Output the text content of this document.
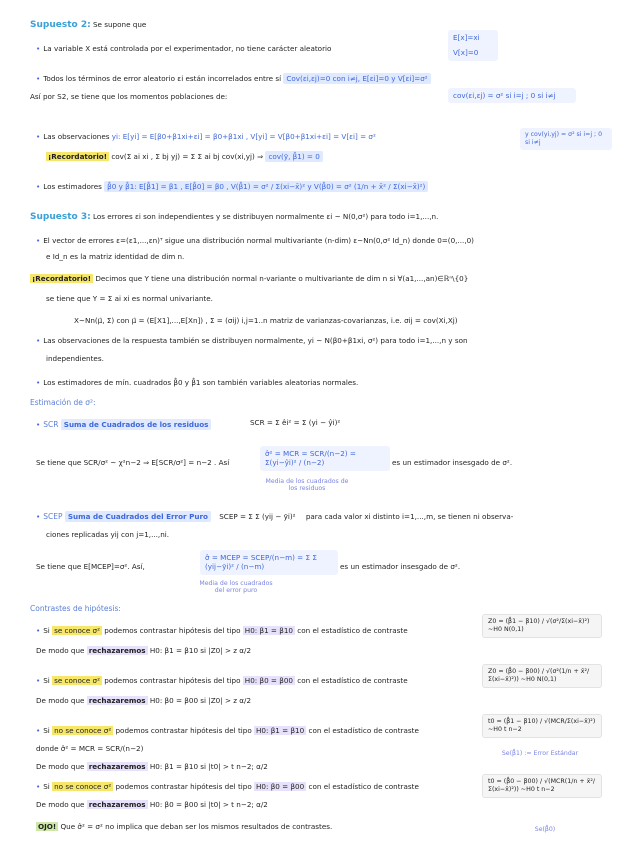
Supuesto 2: Se supone que
• La variable X está controlada por el experimentador, no tiene carácter aleatorio
E[x]=xi
V[x]=0
• Todos los términos de error aleatorio εi están incorrelados entre sí Cov(εi,εj)=0 con i≠j, E[εi]=0 y V[εi]=σ²
Así por S2, se tiene que los momentos poblaciones de:	cov(εi,εj) = σ² si i=j ; 0 si i≠j
• Las observaciones yi: E[yi] = E[β0+β1xi+εi] = β0+β1xi , V[yi] = V[β0+β1xi+εi] = V[εi] = σ²	y cov(yi,yj) = σ² si i=j ; 0 si i≠j
¡Recordatorio! cov(Σ ai xi , Σ bj yj) = Σ Σ ai bj cov(xi,yj) ⇒ cov(ȳ, β̂1) = 0
• Los estimadores β̂0 y β̂1: E[β̂1] = β1 , E[β̂0] = β0 , V(β̂1) = σ² / Σ(xi−x̄)² y V(β̂0) = σ² (1/n + x̄² / Σ(xi−x̄)²)
Supuesto 3: Los errores εi son independientes y se distribuyen normalmente εi ~ N(0,σ²) para todo i=1,...,n.
• El vector de errores ε=(ε1,...,εn)ᵀ sigue una distribución normal multivariante (n-dim) ε~Nn(0,σ² Id_n) donde 0=(0,...,0)
e Id_n es la matriz identidad de dim n.
¡Recordatorio! Decimos que Y tiene una distribución normal n-variante o multivariante de dim n si ∀(a1,...,an)∈ℝⁿ\{0}
se tiene que Y = Σ ai xi es normal univariante.
X~Nn(μ⃗, Σ) con μ⃗ = (E[X1],...,E[Xn]) , Σ = (σij) i,j=1..n matriz de varianzas-covarianzas, i.e. σij = cov(Xi,Xj)
• Las observaciones de la respuesta también se distribuyen normalmente, yi ~ N(β0+β1xi, σ²) para todo i=1,...,n y son
independientes.
• Los estimadores de mín. cuadrados β̂0 y β̂1 son también variables aleatorias normales.
Estimación de σ²:
• SCR Suma de Cuadrados de los residuos	SCR = Σ êi² = Σ (yi − ŷi)²
Se tiene que SCR/σ² ~ χ²n−2 ⇒ E[SCR/σ²] = n−2 . Así
σ̂² = MCR = SCR/(n−2) = Σ(yi−ŷi)² / (n−2)	es un estimador insesgado de σ².
Media de los cuadrados de los residuos
• SCEP Suma de Cuadrados del Error Puro SCEP = Σ Σ (yij − ȳi)² para cada valor xi distinto i=1,...,m, se tienen ni observa-
ciones replicadas yij con j=1,...,ni.
Se tiene que E[MCEP]=σ². Así,
σ̂ = MCEP = SCEP/(n−m) = Σ Σ (yij−ȳi)² / (n−m)	es un estimador insesgado de σ².
Media de los cuadrados del error puro
Contrastes de hipótesis:
• Si se conoce σ² podemos contrastar hipótesis del tipo H0: β1 = β10 con el estadístico de contraste
Z0 = (β̂1 − β10) / √(σ²/Σ(xi−x̄)²) ~H0 N(0,1)
De modo que rechazaremos H0: β1 = β10 si |Z0| > z α/2
• Si se conoce σ² podemos contrastar hipótesis del tipo H0: β0 = β00 con el estadístico de contraste
Z0 = (β̂0 − β00) / √(σ²(1/n + x̄²/Σ(xi−x̄)²)) ~H0 N(0,1)
De modo que rechazaremos H0: β0 = β00 si |Z0| > z α/2
• Si no se conoce σ² podemos contrastar hipótesis del tipo H0: β1 = β10 con el estadístico de contraste
t0 = (β̂1 − β10) / √(MCR/Σ(xi−x̄)²) ~H0 t n−2
donde σ̂² = MCR = SCR/(n−2)
Se(β̂1) := Error Estándar
De modo que rechazaremos H0: β1 = β10 si |t0| > t n−2; α/2
• Si no se conoce σ² podemos contrastar hipótesis del tipo H0: β0 = β00 con el estadístico de contraste
t0 = (β̂0 − β00) / √(MCR(1/n + x̄²/Σ(xi−x̄)²)) ~H0 t n−2
De modo que rechazaremos H0: β0 = β00 si |t0| > t n−2; α/2
Se(β̂0)
OJO! Que σ̂² = σ² no implica que deban ser los mismos resultados de contrastes.
